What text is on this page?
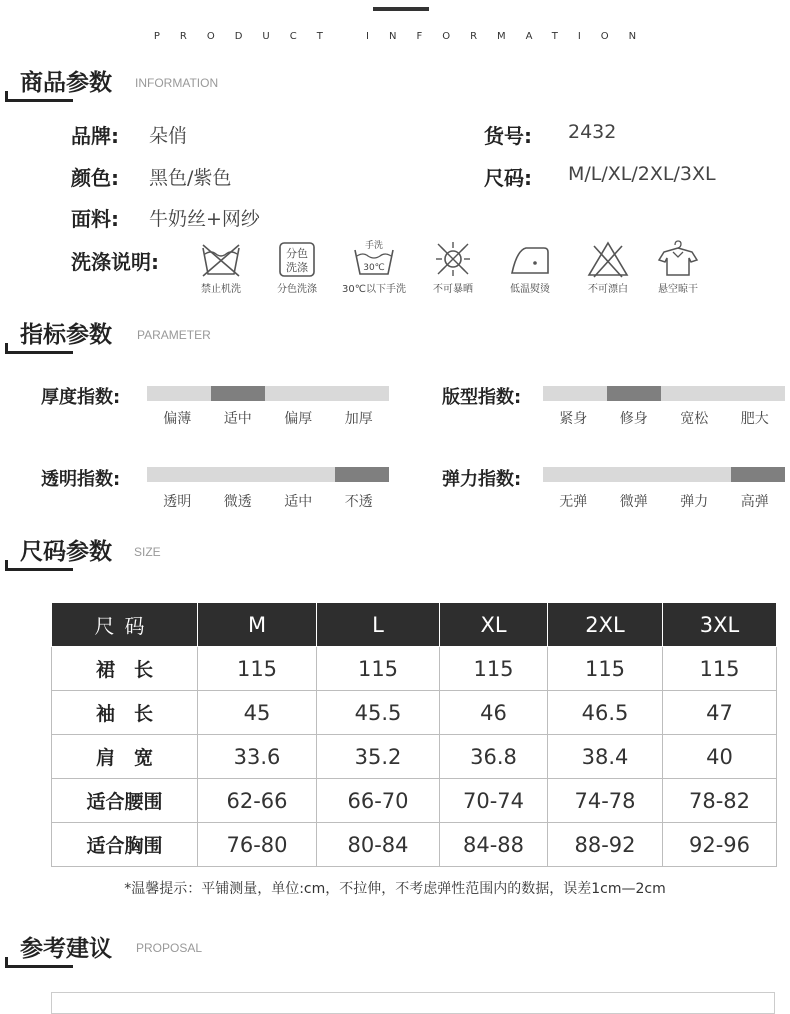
PRODUCT INFORMATION
商品参数 INFORMATION
品牌: 朵俏	货号: 2432
颜色: 黑色/紫色	尺码: M/L/XL/2XL/3XL
面料: 牛奶丝+网纱
洗涤说明:
禁止机洗
分色
洗涤
分色洗涤
手洗
30℃
30℃以下手洗	不可暴晒	低温熨烫	不可漂白	悬空晾干
指标参数 PARAMETER
厚度指数:
偏薄 适中 偏厚 加厚
版型指数:
紧身 修身 宽松 肥大
透明指数:
透明 微透 适中 不透
弹力指数:
无弹 微弹 弹力 高弹
尺码参数 SIZE
尺码	M	L	XL	2XL	3XL
裙　长	115	115	115	115	115
袖　长	45	45.5	46	46.5	47
肩　宽	33.6	35.2	36.8	38.4	40
适合腰围	62-66	66-70	70-74	74-78	78-82
适合胸围	76-80	80-84	84-88	88-92	92-96
*温馨提示：平铺测量，单位:cm，不拉伸，不考虑弹性范围内的数据，误差1cm—2cm
参考建议 PROPOSAL
